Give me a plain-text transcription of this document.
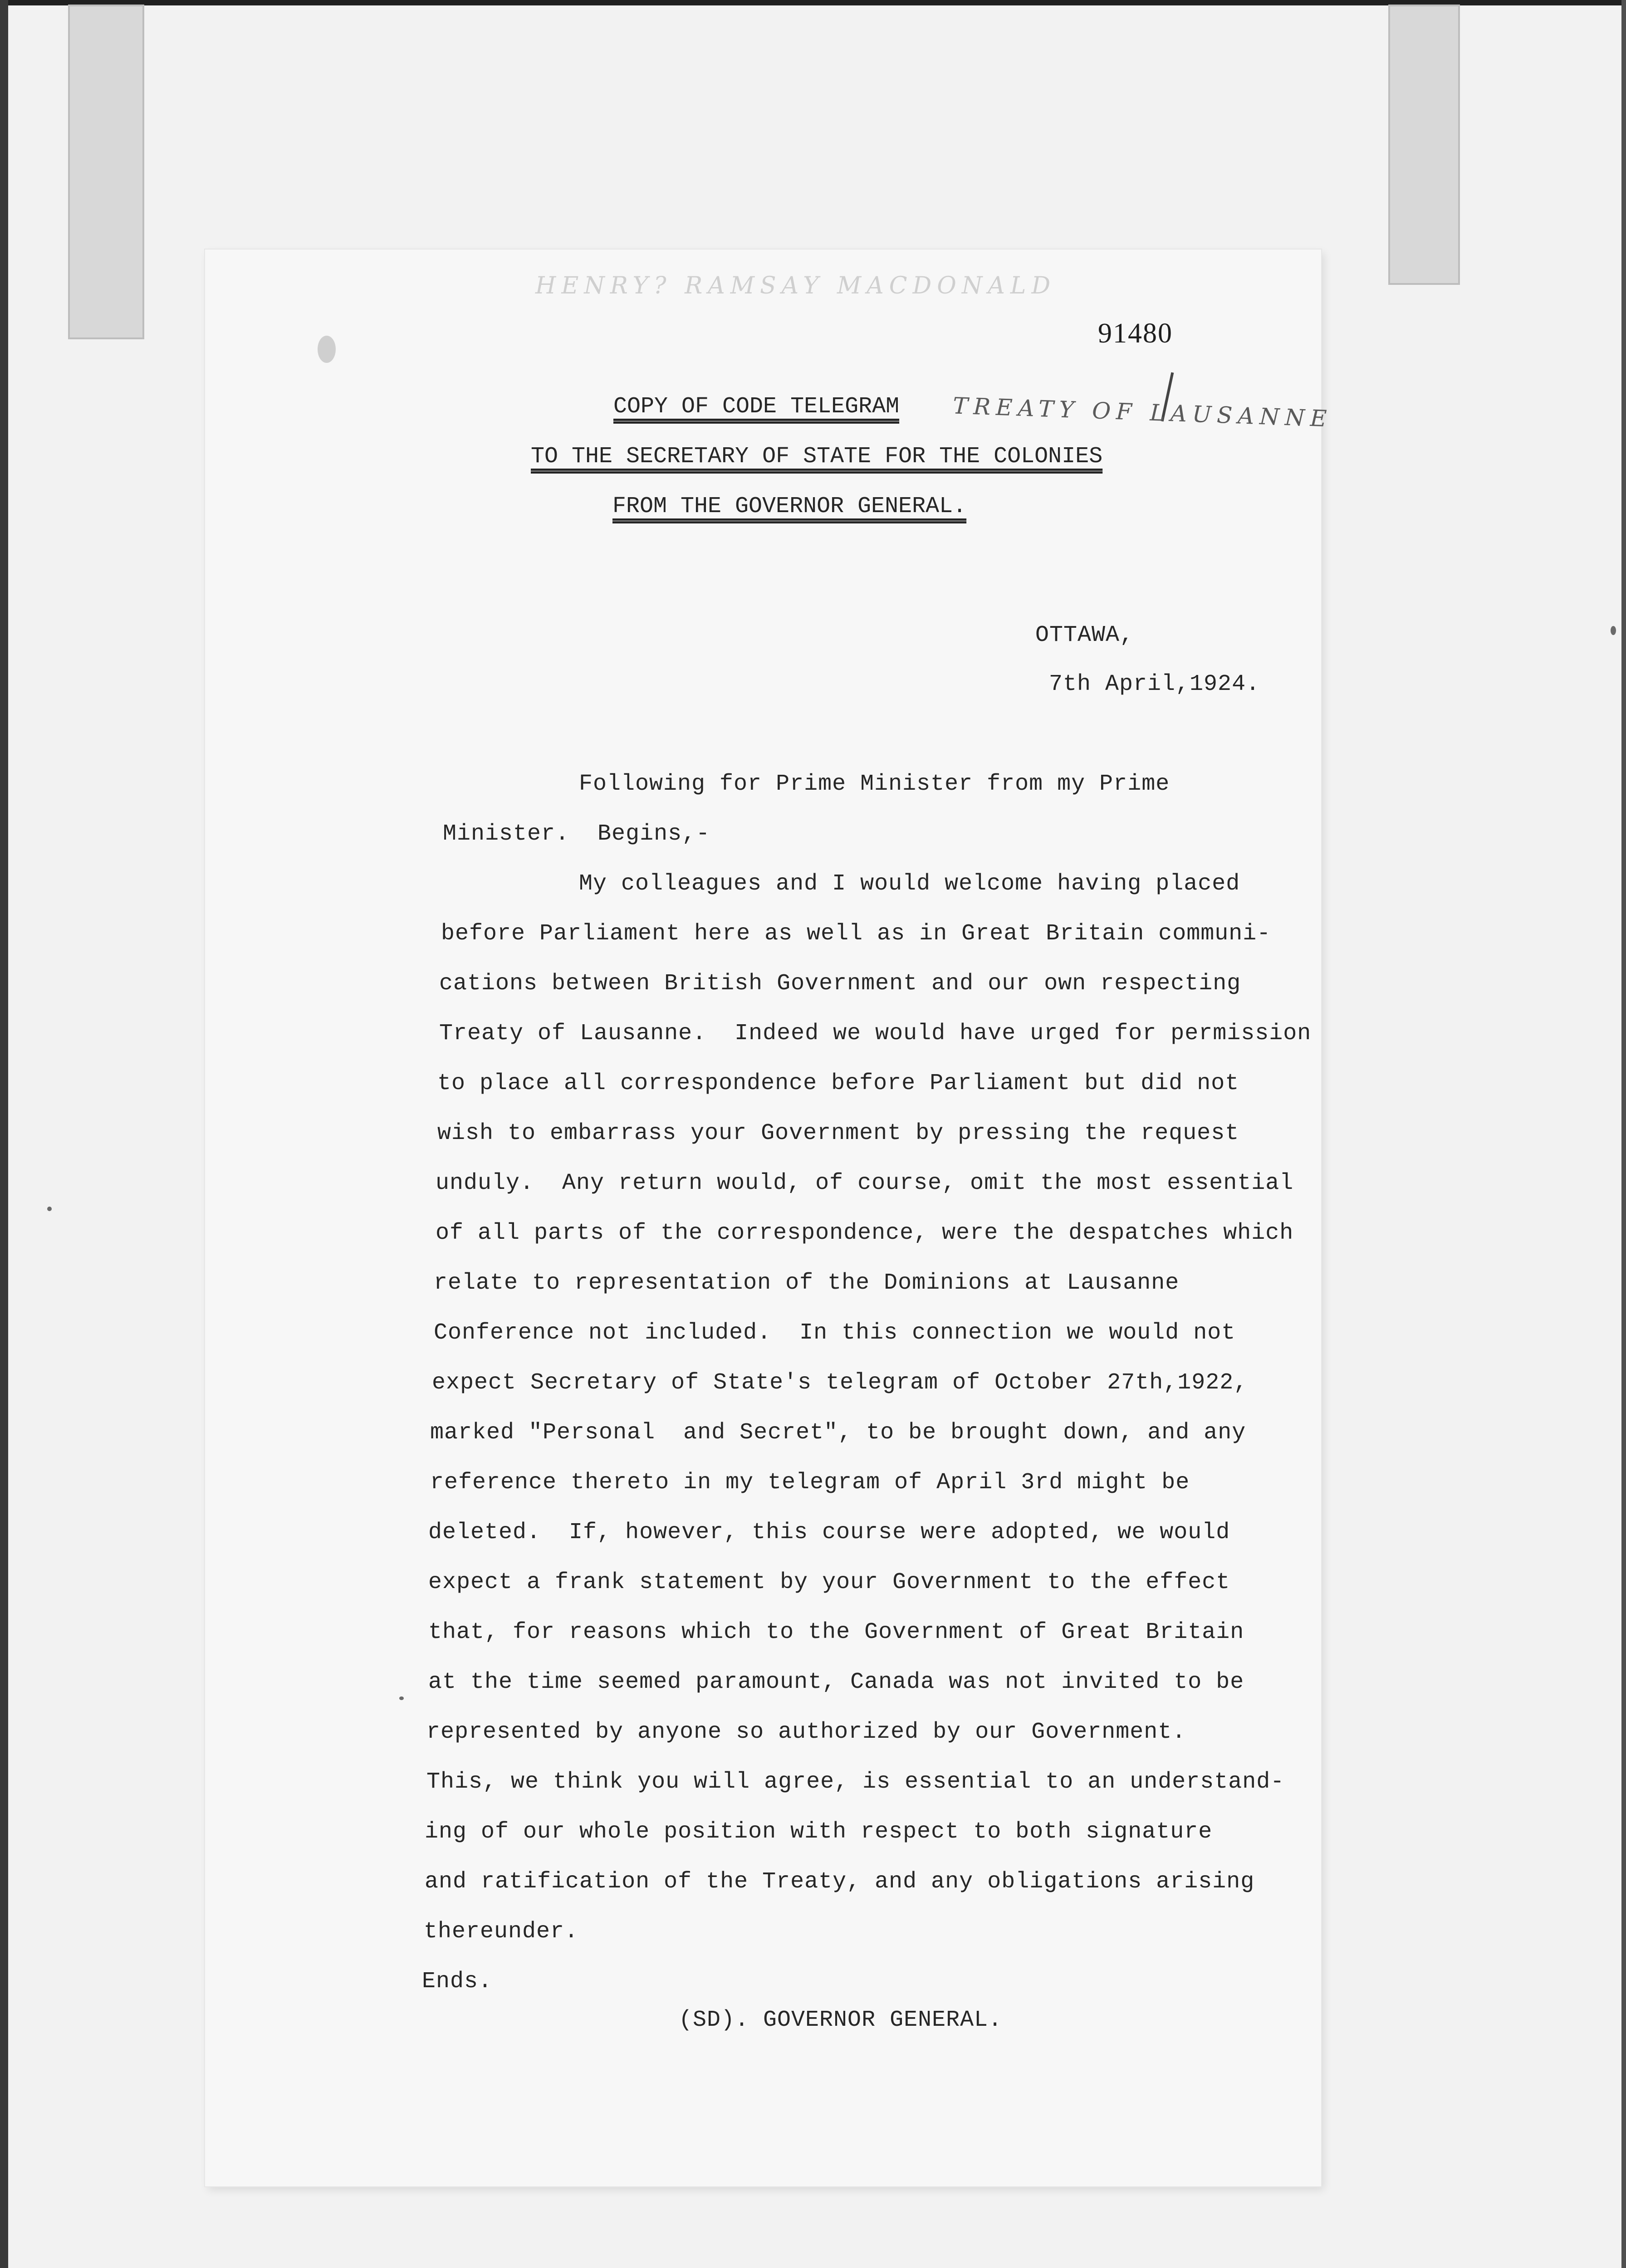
HENRY? RAMSAY MACDONALD
91480
TREATY OF LAUSANNE
COPY OF CODE TELEGRAM
TO THE SECRETARY OF STATE FOR THE COLONIES
FROM THE GOVERNOR GENERAL.
OTTAWA,
7th April,1924.
Following for Prime Minister from my Prime
Minister.  Begins,-
My colleagues and I would welcome having placed
before Parliament here as well as in Great Britain communi-
cations between British Government and our own respecting
Treaty of Lausanne.  Indeed we would have urged for permission
to place all correspondence before Parliament but did not
wish to embarrass your Government by pressing the request
unduly.  Any return would, of course, omit the most essential
of all parts of the correspondence, were the despatches which
relate to representation of the Dominions at Lausanne
Conference not included.  In this connection we would not
expect Secretary of State's telegram of October 27th,1922,
marked "Personal  and Secret", to be brought down, and any
reference thereto in my telegram of April 3rd might be
deleted.  If, however, this course were adopted, we would
expect a frank statement by your Government to the effect
that, for reasons which to the Government of Great Britain
at the time seemed paramount, Canada was not invited to be
represented by anyone so authorized by our Government.
This, we think you will agree, is essential to an understand-
ing of our whole position with respect to both signature
and ratification of the Treaty, and any obligations arising
thereunder.
Ends.
(SD). GOVERNOR GENERAL.
